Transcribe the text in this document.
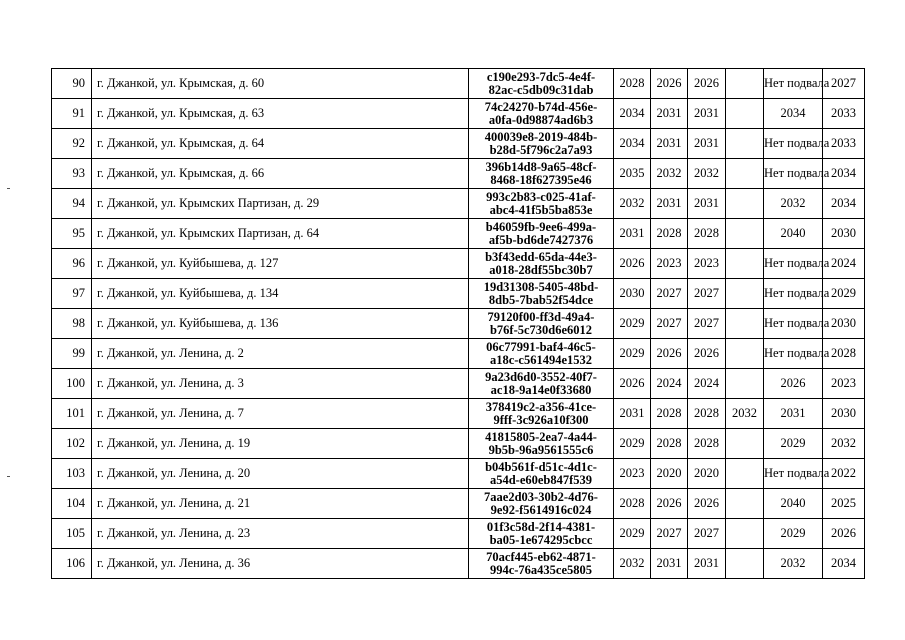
90	г. Джанкой, ул. Крымская, д. 60	c190e293-7dc5-4e4f-
82ac-c5db09c31dab	2028	2026	2026		Нет подвала	2027
91	г. Джанкой, ул. Крымская, д. 63	74c24270-b74d-456e-
a0fa-0d98874ad6b3	2034	2031	2031		2034	2033
92	г. Джанкой, ул. Крымская, д. 64	400039e8-2019-484b-
b28d-5f796c2a7a93	2034	2031	2031		Нет подвала	2033
93	г. Джанкой, ул. Крымская, д. 66	396b14d8-9a65-48cf-
8468-18f627395e46	2035	2032	2032		Нет подвала	2034
94	г. Джанкой, ул. Крымских Партизан, д. 29	993c2b83-c025-41af-
abc4-41f5b5ba853e	2032	2031	2031		2032	2034
95	г. Джанкой, ул. Крымских Партизан, д. 64	b46059fb-9ee6-499a-
af5b-bd6de7427376	2031	2028	2028		2040	2030
96	г. Джанкой, ул. Куйбышева, д. 127	b3f43edd-65da-44e3-
a018-28df55bc30b7	2026	2023	2023		Нет подвала	2024
97	г. Джанкой, ул. Куйбышева, д. 134	19d31308-5405-48bd-
8db5-7bab52f54dce	2030	2027	2027		Нет подвала	2029
98	г. Джанкой, ул. Куйбышева, д. 136	79120f00-ff3d-49a4-
b76f-5c730d6e6012	2029	2027	2027		Нет подвала	2030
99	г. Джанкой, ул. Ленина, д. 2	06c77991-baf4-46c5-
a18c-c561494e1532	2029	2026	2026		Нет подвала	2028
100	г. Джанкой, ул. Ленина, д. 3	9a23d6d0-3552-40f7-
ac18-9a14e0f33680	2026	2024	2024		2026	2023
101	г. Джанкой, ул. Ленина, д. 7	378419c2-a356-41ce-
9fff-3c926a10f300	2031	2028	2028	2032	2031	2030
102	г. Джанкой, ул. Ленина, д. 19	41815805-2ea7-4a44-
9b5b-96a9561555c6	2029	2028	2028		2029	2032
103	г. Джанкой, ул. Ленина, д. 20	b04b561f-d51c-4d1c-
a54d-e60eb847f539	2023	2020	2020		Нет подвала	2022
104	г. Джанкой, ул. Ленина, д. 21	7aae2d03-30b2-4d76-
9e92-f5614916c024	2028	2026	2026		2040	2025
105	г. Джанкой, ул. Ленина, д. 23	01f3c58d-2f14-4381-
ba05-1e674295cbcc	2029	2027	2027		2029	2026
106	г. Джанкой, ул. Ленина, д. 36	70acf445-eb62-4871-
994c-76a435ce5805	2032	2031	2031		2032	2034
